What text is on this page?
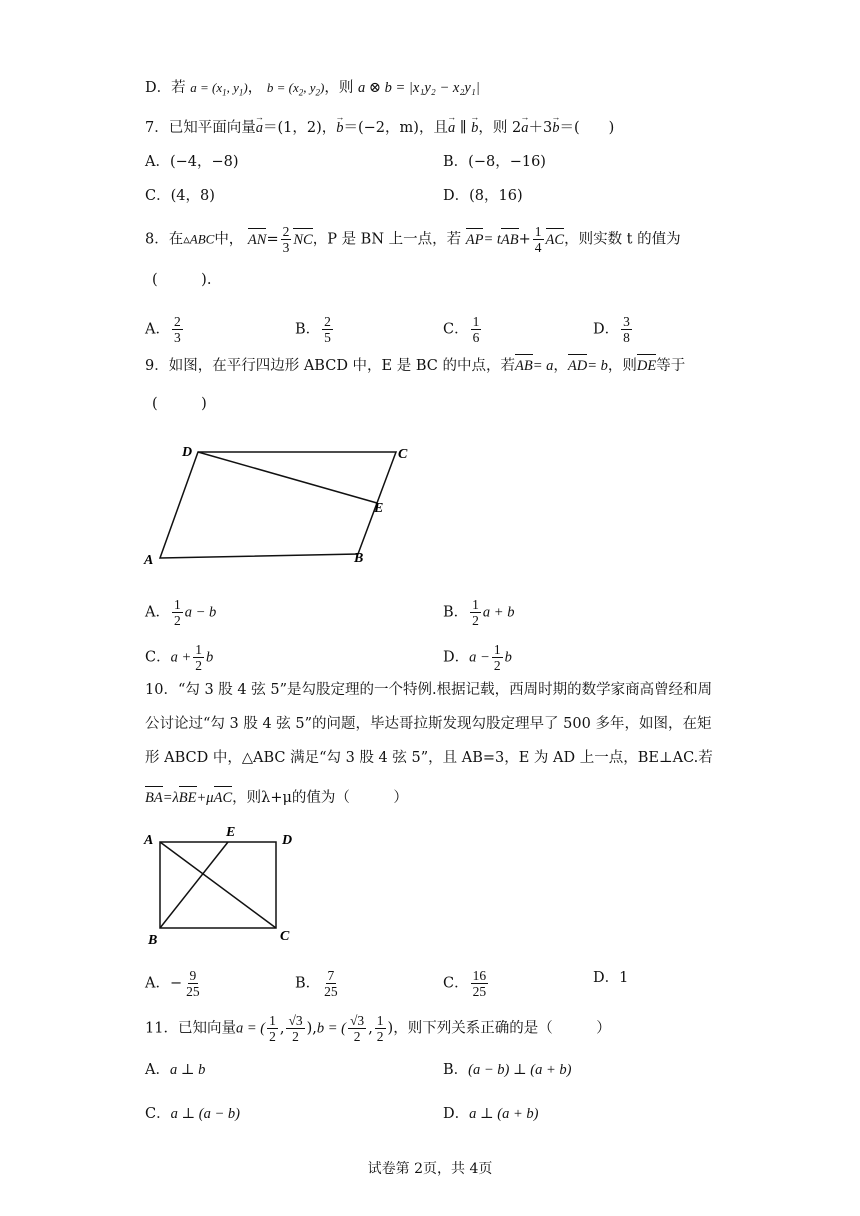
D．若 $a = (x_1$, $y_1$)， $b = (x_2$, $y_2$)，则 a ⊗ b = |x₁y₂ − x₂y₁|
7．已知平面向量a →＝(1，2)，b →＝(−2，m)，且a → ∥ b →，则 2a →＋3b →＝(　　)
A．(−4，−8)	B．(−8，−16)
C．(4，8)	D．(8，16)
8．在▵ABC中， $AN= \frac{2}{3}$ NC，P 是 BN 上一点，若 $AP= tAB+ \frac{1}{4}$ AC，则实数 t 的值为
(　　　).
A． $\frac{2}{3}$	B． $\frac{2}{5}$	C． $\frac{1}{6}$	D． $\frac{3}{8}$
9．如图，在平行四边形 ABCD 中，E 是 BC 的中点，若AB= a，AD= b，则DE等于
(　　　)
D	C
E
A	B
A． $\frac{1}{2}$ a − b	B． $\frac{1}{2}$ a + b
C．$a + \frac{1}{2}$ b	D．$a - \frac{1}{2}$ b
10．“勾 3 股 4 弦 5”是勾股定理的一个特例.根据记载，西周时期的数学家商高曾经和周
公讨论过“勾 3 股 4 弦 5”的问题，毕达哥拉斯发现勾股定理早了 500 多年，如图，在矩
形 ABCD 中，△ABC 满足“勾 3 股 4 弦 5”，且 AB=3，E 为 AD 上一点，BE⊥AC.若
BA=λBE+μAC，则λ+μ的值为（　　　）
A
E
D
B	C
A．− $\frac{9}{25}$	B． $\frac{7}{25}$	C． $\frac{16}{25}$	D．1
11．已知向量a = ( $\frac{1}{2}$ , $\frac{√3}{2} ),b$ = ( $\frac{√3}{2}$ , $\frac{1}{2}$ )，则下列关系正确的是（　　　）
A．a ⊥ b	B．(a − b) ⊥ (a + b)
C．a ⊥ (a − b)	D．a ⊥ (a + b)
试卷第 2页，共 4页
